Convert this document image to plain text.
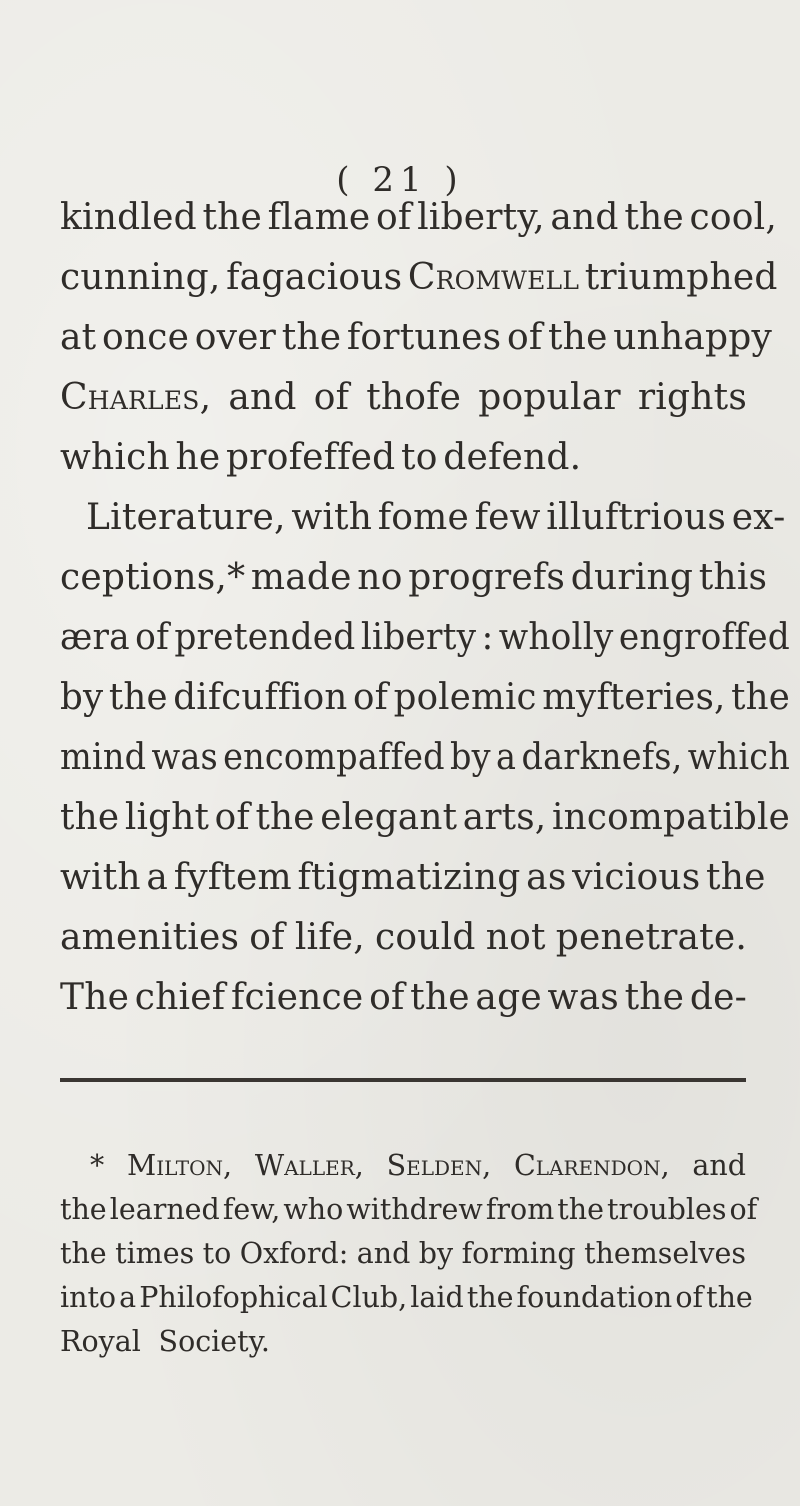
( 21 )
kindled the flame of liberty, and the cool,
cunning, fagacious Cromwell triumphed
at once over the fortunes of the unhappy
Charles, and of thofe popular rights
which he profeffed to defend.
Literature, with fome few illuftrious ex-
ceptions,* made no progrefs during this
æra of pretended liberty : wholly engroffed
by the difcuffion of polemic myfteries, the
mind was encompaffed by a darknefs, which
the light of the elegant arts, incompatible
with a fyftem ftigmatizing as vicious the
amenities of life, could not penetrate.
The chief fcience of the age was the de-
* Milton, Waller, Selden, Clarendon, and
the learned few, who withdrew from the troubles of
the times to Oxford: and by forming themselves
into a Philofophical Club, laid the foundation of the
Royal Society.
